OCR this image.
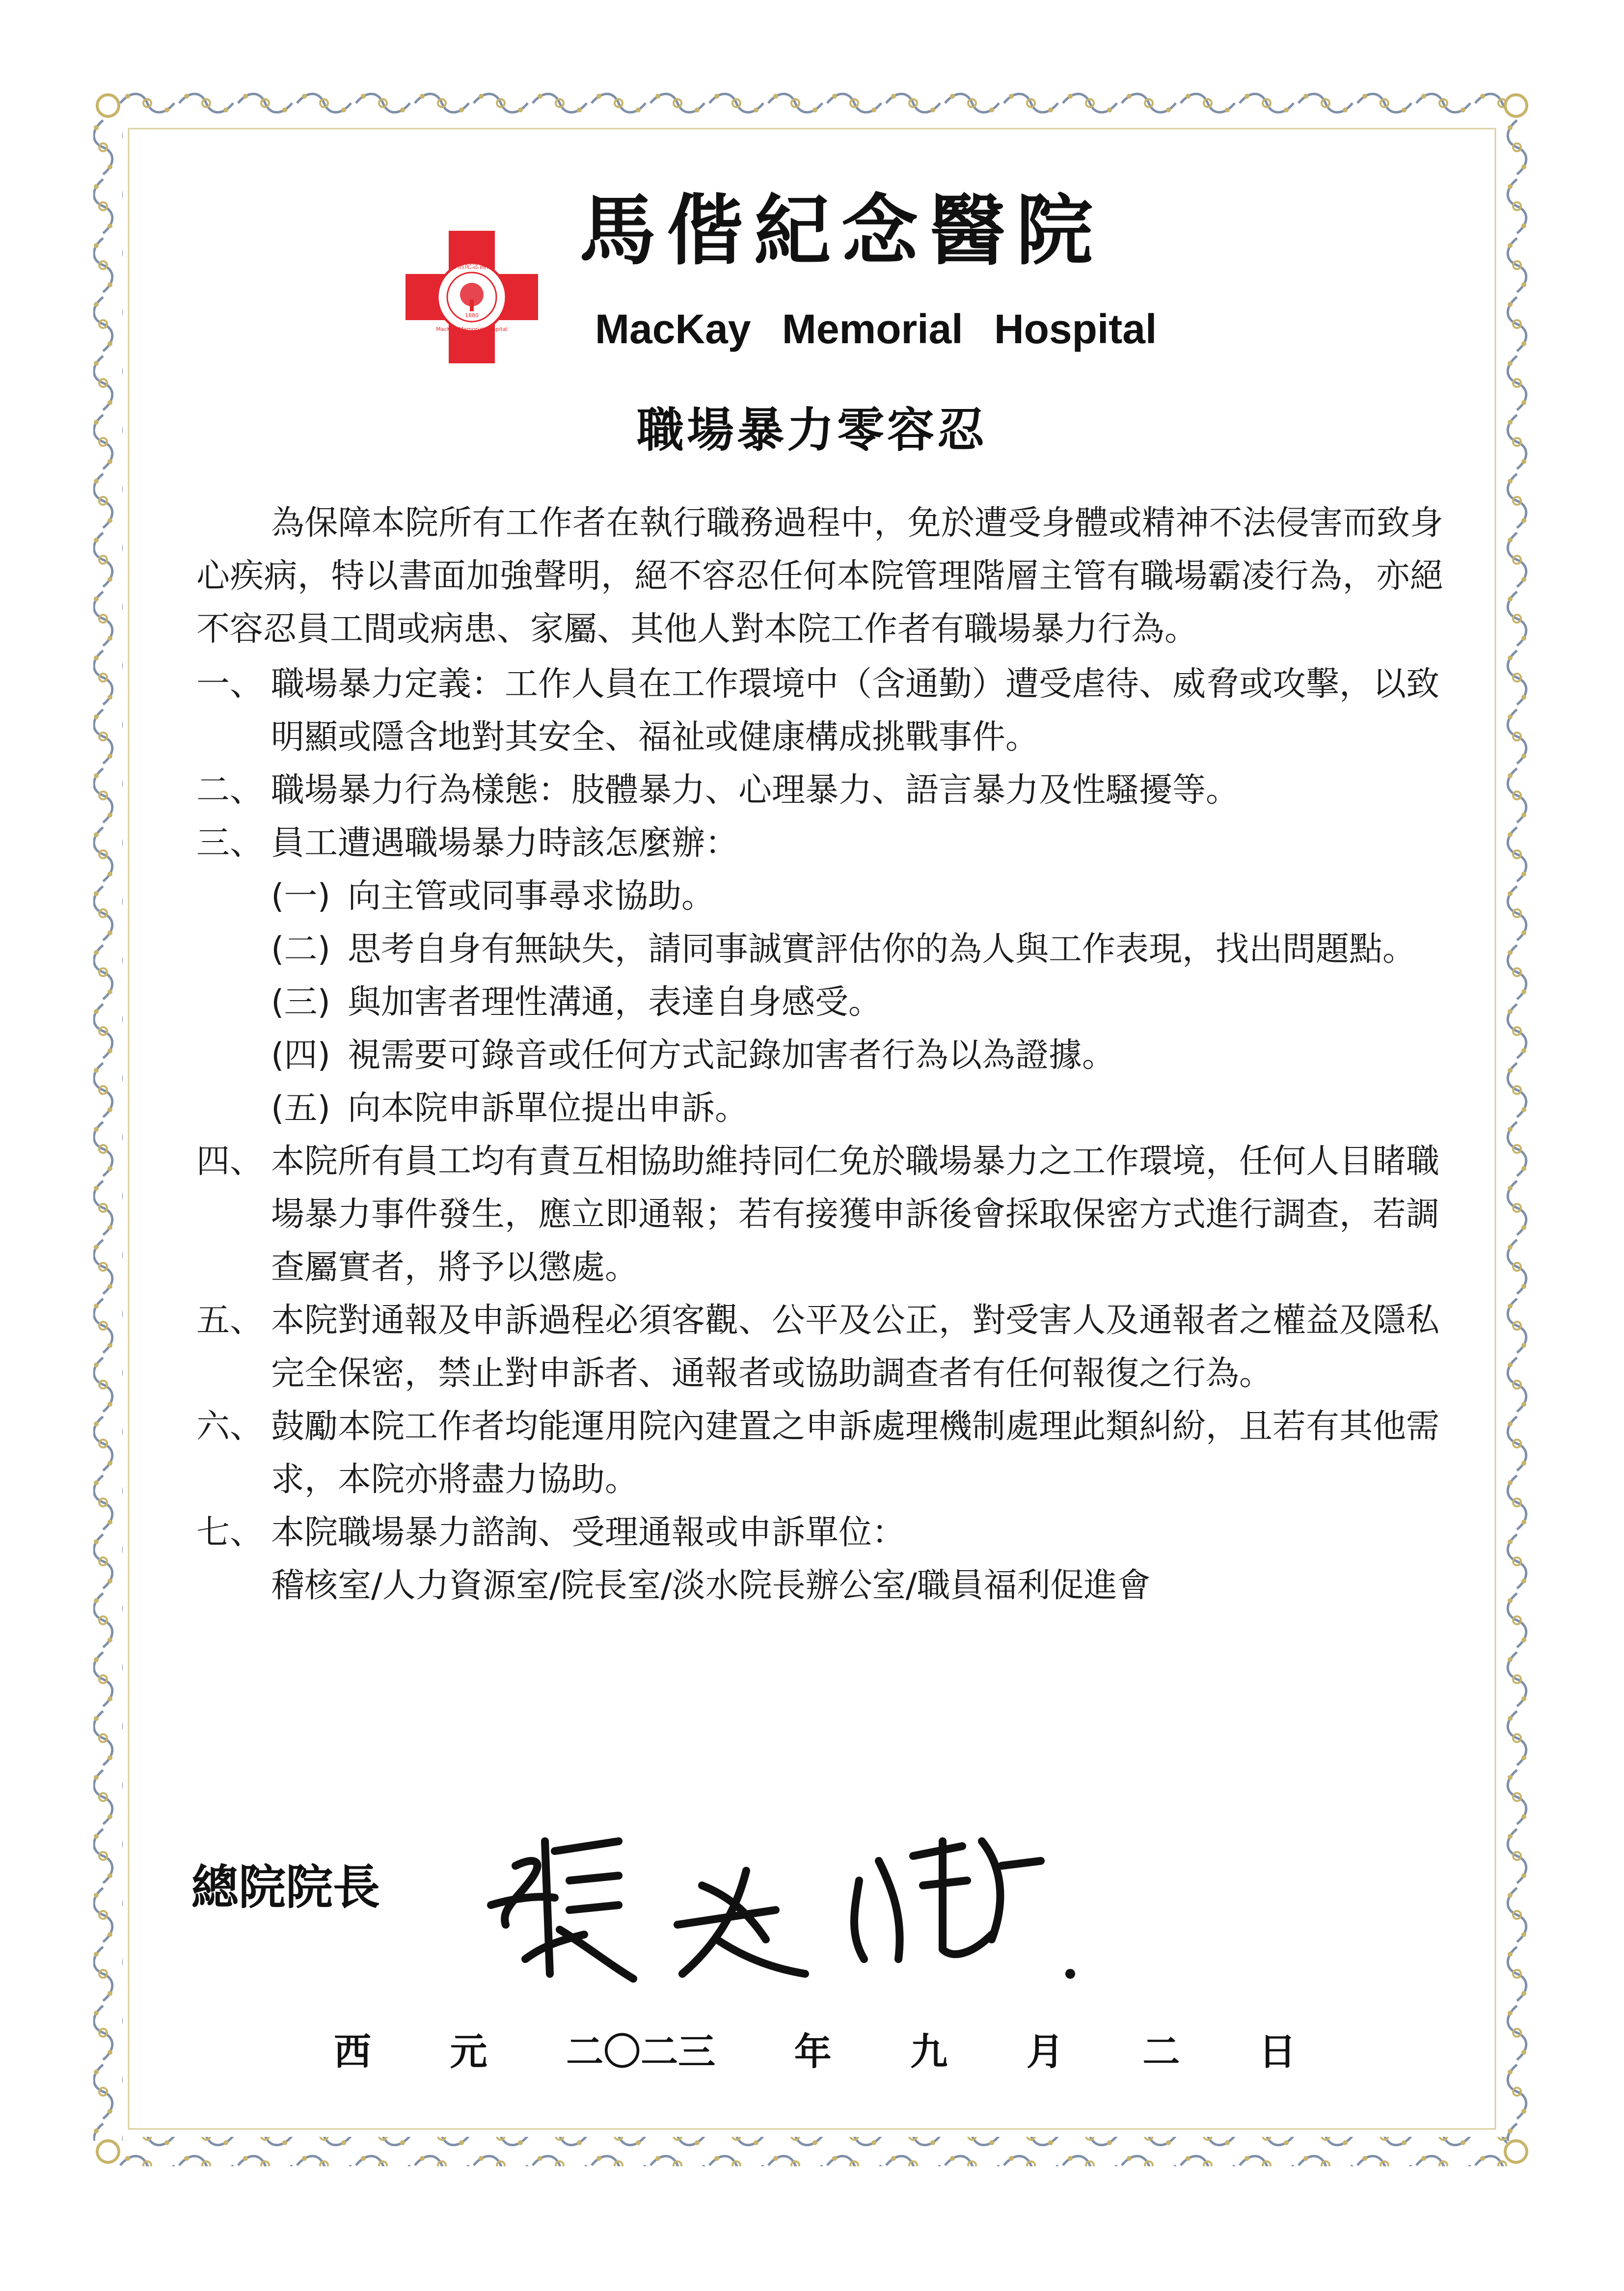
馬偕紀念醫院
MacKay Memorial Hospital
1880
馬偕紀念醫院
MacKay Memorial Hospital
職場暴力零容忍

為保障本院所有工作者在執行職務過程中，免於遭受身體或精神不法侵害而致身心疾病，特以書面加強聲明，絕不容忍任何本院管理階層主管有職場霸凌行為，亦絕不容忍員工間或病患、家屬、其他人對本院工作者有職場暴力行為。

一、 職場暴力定義：工作人員在工作環境中（含通勤）遭受虐待、威脅或攻擊，以致明顯或隱含地對其安全、福祉或健康構成挑戰事件。
二、 職場暴力行為樣態：肢體暴力、心理暴力、語言暴力及性騷擾等。
三、 員工遭遇職場暴力時該怎麼辦：
(一) 向主管或同事尋求協助。
(二) 思考自身有無缺失，請同事誠實評估你的為人與工作表現，找出問題點。
(三) 與加害者理性溝通，表達自身感受。
(四) 視需要可錄音或任何方式記錄加害者行為以為證據。
(五) 向本院申訴單位提出申訴。
四、 本院所有員工均有責互相協助維持同仁免於職場暴力之工作環境，任何人目睹職場暴力事件發生，應立即通報；若有接獲申訴後會採取保密方式進行調查，若調查屬實者，將予以懲處。
五、 本院對通報及申訴過程必須客觀、公平及公正，對受害人及通報者之權益及隱私完全保密，禁止對申訴者、通報者或協助調查者有任何報復之行為。
六、 鼓勵本院工作者均能運用院內建置之申訴處理機制處理此類糾紛，且若有其他需求，本院亦將盡力協助。
七、 本院職場暴力諮詢、受理通報或申訴單位：
稽核室/人力資源室/院長室/淡水院長辦公室/職員福利促進會
總院院長
張文瀚
西 元 二〇二三 年 九 月 二 日
